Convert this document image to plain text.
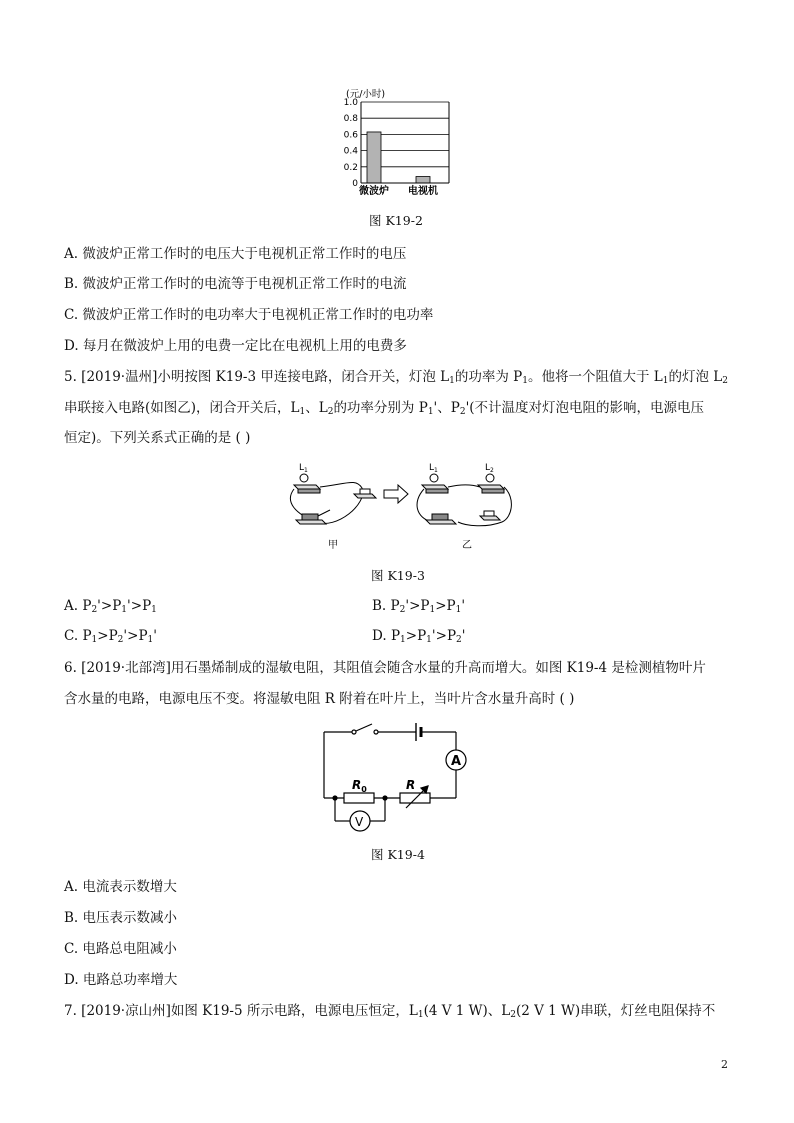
(元/小时)
1.0
0.8
0.6
0.4
0.2
0
微波炉 电视机
图 K19-2
A. 微波炉正常工作时的电压大于电视机正常工作时的电压
B. 微波炉正常工作时的电流等于电视机正常工作时的电流
C. 微波炉正常工作时的电功率大于电视机正常工作时的电功率
D. 每月在微波炉上用的电费一定比在电视机上用的电费多
5. [2019·温州]小明按图 K19-3 甲连接电路，闭合开关，灯泡 $L_1$的功率为 $P_1$。他将一个阻值大于 $L_1$的灯泡 $L_2$
串联接入电路(如图乙)，闭合开关后，$L_1$、$L_2$的功率分别为 $P_1'$、$P_2'$(不计温度对灯泡电阻的影响，电源电压
恒定)。下列关系式正确的是 ( )
$L_1$
甲
$L_1$	$L_2$
乙
图 K19-3
A. $P_2'>P_1'>P_1$	B. $P_2'>P_1>P_1'$
C. $P_1>P_2'>P_1'$	D. $P_1>P_1'>P_2'$
6. [2019·北部湾]用石墨烯制成的湿敏电阻，其阻值会随含水量的升高而增大。如图 K19-4 是检测植物叶片
含水量的电路，电源电压不变。将湿敏电阻 R 附着在叶片上，当叶片含水量升高时 ( )
A
V
$R_0$	R
图 K19-4
A. 电流表示数增大
B. 电压表示数减小
C. 电路总电阻减小
D. 电路总功率增大
7. [2019·凉山州]如图 K19-5 所示电路，电源电压恒定，$L_1(4$ V 1 W)、$L_2(2$ V 1 W)串联，灯丝电阻保持不
2
